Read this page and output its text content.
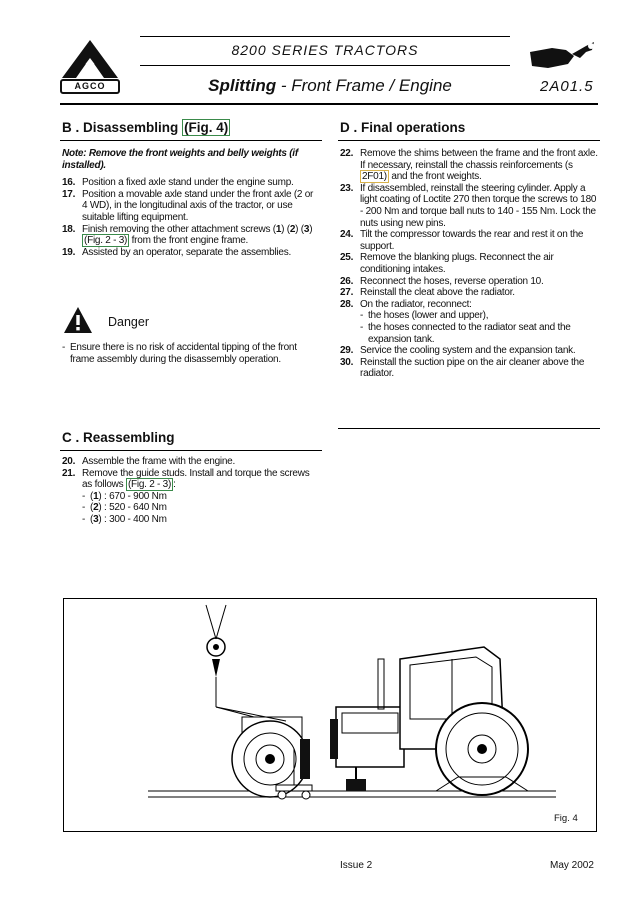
AGCO
8200 SERIES TRACTORS
Splitting - Front Frame / Engine	2A01.5
B . Disassembling (Fig. 4)
Note: Remove the front weights and belly weights (if installed).
16. Position a fixed axle stand under the engine sump.
17. Position a movable axle stand under the front axle (2 or 4 WD), in the longitudinal axis of the tractor, or use suitable lifting equipment.
18. Finish removing the other attachment screws (1) (2) (3) (Fig. 2 - 3) from the front engine frame.
19. Assisted by an operator, separate the assemblies.
Danger
- Ensure there is no risk of accidental tipping of the front frame assembly during the disassembly operation.
C . Reassembling
20. Assemble the frame with the engine.
21. Remove the guide studs. Install and torque the screws as follows (Fig. 2 - 3) :
- (1) : 670 - 900 Nm
- (2) : 520 - 640 Nm
- (3) : 300 - 400 Nm
D . Final operations
22. Remove the shims between the frame and the front axle.
If necessary, reinstall the chassis reinforcements (s 2F01) and the front weights.
23. If disassembled, reinstall the steering cylinder. Apply a light coating of Loctite 270 then torque the screws to 180 - 200 Nm and torque ball nuts to 140 - 155 Nm. Lock the nuts using new pins.
24. Tilt the compressor towards the rear and rest it on the support.
25. Remove the blanking plugs. Reconnect the air conditioning intakes.
26. Reconnect the hoses, reverse operation 10.
27. Reinstall the cleat above the radiator.
28. On the radiator, reconnect:
- the hoses (lower and upper),
- the hoses connected to the radiator seat and the expansion tank.
29. Service the cooling system and the expansion tank.
30. Reinstall the suction pipe on the air cleaner above the radiator.
Fig. 4
Issue 2	May 2002
